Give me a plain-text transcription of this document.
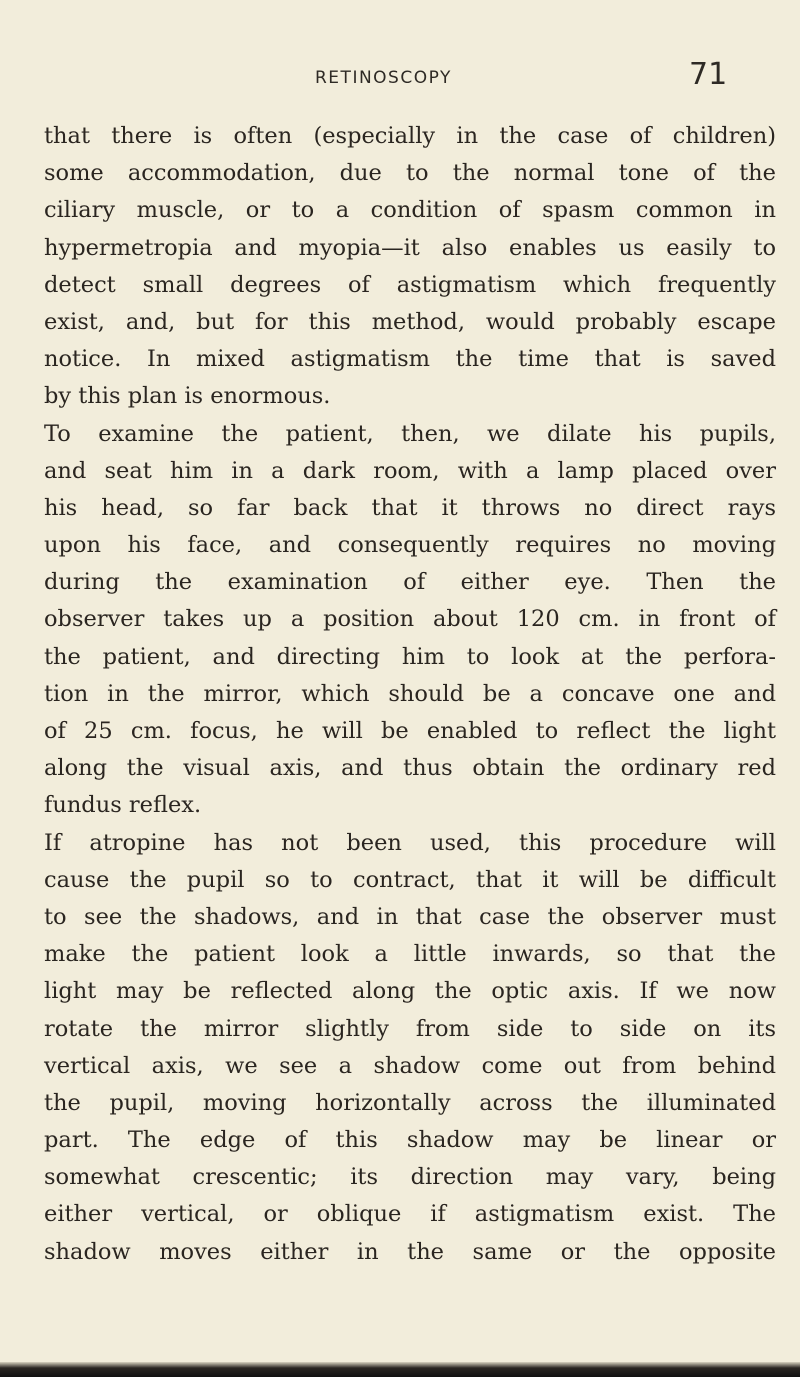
RETINOSCOPY	71
that there is often (especially in the case of children)
some accommodation, due to the normal tone of the
ciliary muscle, or to a condition of spasm common in
hypermetropia and myopia—it also enables us easily to
detect small degrees of astigmatism which frequently
exist, and, but for this method, would probably escape
notice. In mixed astigmatism the time that is saved
by this plan is enormous.
To examine the patient, then, we dilate his pupils,
and seat him in a dark room, with a lamp placed over
his head, so far back that it throws no direct rays
upon his face, and consequently requires no moving
during the examination of either eye. Then the
observer takes up a position about 120 cm. in front of
the patient, and directing him to look at the perfora-
tion in the mirror, which should be a concave one and
of 25 cm. focus, he will be enabled to reflect the light
along the visual axis, and thus obtain the ordinary red
fundus reflex.
If atropine has not been used, this procedure will
cause the pupil so to contract, that it will be difficult
to see the shadows, and in that case the observer must
make the patient look a little inwards, so that the
light may be reflected along the optic axis. If we now
rotate the mirror slightly from side to side on its
vertical axis, we see a shadow come out from behind
the pupil, moving horizontally across the illuminated
part. The edge of this shadow may be linear or
somewhat crescentic; its direction may vary, being
either vertical, or oblique if astigmatism exist. The
shadow moves either in the same or the opposite
